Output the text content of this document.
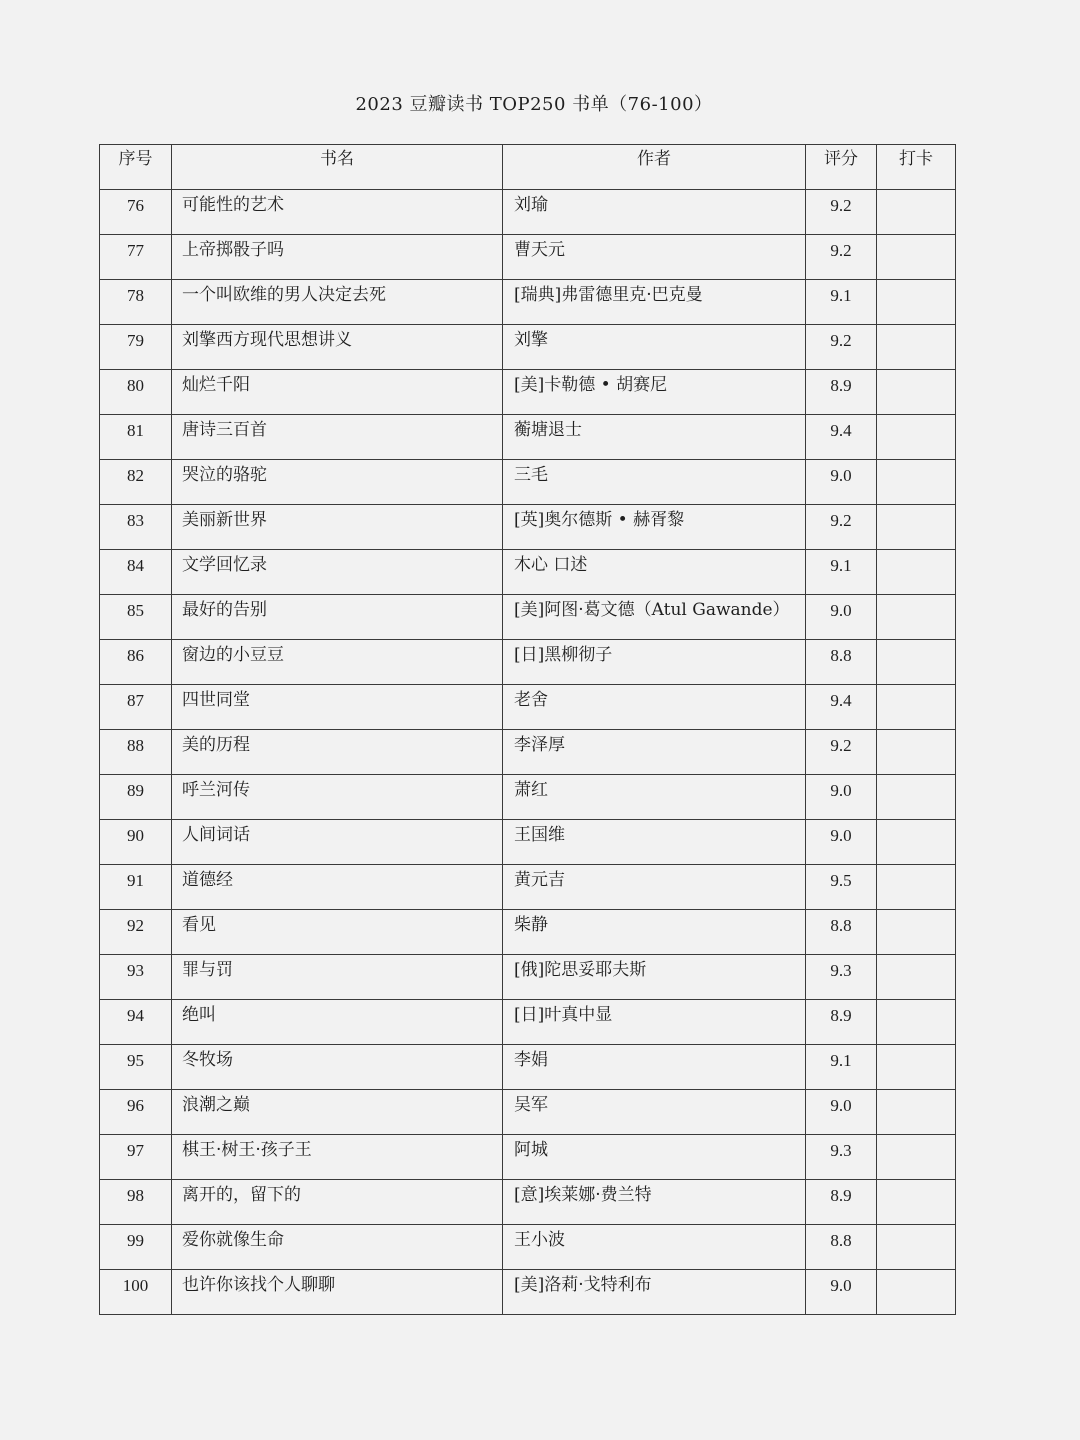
2023 豆瓣读书 TOP250 书单（76-100）
序号	书名	作者	评分	打卡
76	可能性的艺术	刘瑜	9.2	
77	上帝掷骰子吗	曹天元	9.2	
78	一个叫欧维的男人决定去死	[瑞典]弗雷德里克·巴克曼	9.1	
79	刘擎西方现代思想讲义	刘擎	9.2	
80	灿烂千阳	[美]卡勒德 • 胡赛尼	8.9	
81	唐诗三百首	蘅塘退士	9.4	
82	哭泣的骆驼	三毛	9.0	
83	美丽新世界	[英]奥尔德斯 • 赫胥黎	9.2	
84	文学回忆录	木心 口述	9.1	
85	最好的告别	[美]阿图·葛文德（Atul Gawande）	9.0	
86	窗边的小豆豆	[日]黑柳彻子	8.8	
87	四世同堂	老舍	9.4	
88	美的历程	李泽厚	9.2	
89	呼兰河传	萧红	9.0	
90	人间词话	王国维	9.0	
91	道德经	黄元吉	9.5	
92	看见	柴静	8.8	
93	罪与罚	[俄]陀思妥耶夫斯	9.3	
94	绝叫	[日]叶真中显	8.9	
95	冬牧场	李娟	9.1	
96	浪潮之巅	吴军	9.0	
97	棋王·树王·孩子王	阿城	9.3	
98	离开的，留下的	[意]埃莱娜·费兰特	8.9	
99	爱你就像生命	王小波	8.8	
100	也许你该找个人聊聊	[美]洛莉·戈特利布	9.0	
